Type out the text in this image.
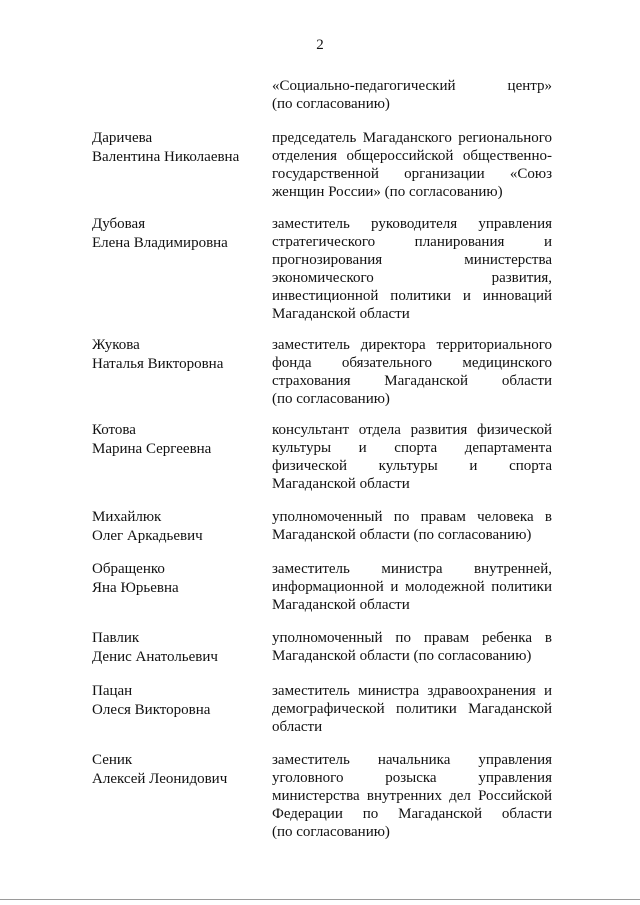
2
«Социально-педагогический центр»
(по согласованию)
Даричева
Валентина Николаевна
председатель Магаданского регионального
отделения общероссийской общественно-
государственной организации «Союз
женщин России» (по согласованию)
Дубовая
Елена Владимировна
заместитель руководителя управления
стратегического планирования и
прогнозирования министерства
экономического развития,
инвестиционной политики и инноваций
Магаданской области
Жукова
Наталья Викторовна
заместитель директора территориального
фонда обязательного медицинского
страхования Магаданской области
(по согласованию)
Котова
Марина Сергеевна
консультант отдела развития физической
культуры и спорта департамента
физической культуры и спорта
Магаданской области
Михайлюк
Олег Аркадьевич
уполномоченный по правам человека в
Магаданской области (по согласованию)
Обращенко
Яна Юрьевна
заместитель министра внутренней,
информационной и молодежной политики
Магаданской области
Павлик
Денис Анатольевич
уполномоченный по правам ребенка в
Магаданской области (по согласованию)
Пацан
Олеся Викторовна
заместитель министра здравоохранения и
демографической политики Магаданской
области
Сеник
Алексей Леонидович
заместитель начальника управления
уголовного розыска управления
министерства внутренних дел Российской
Федерации по Магаданской области
(по согласованию)
